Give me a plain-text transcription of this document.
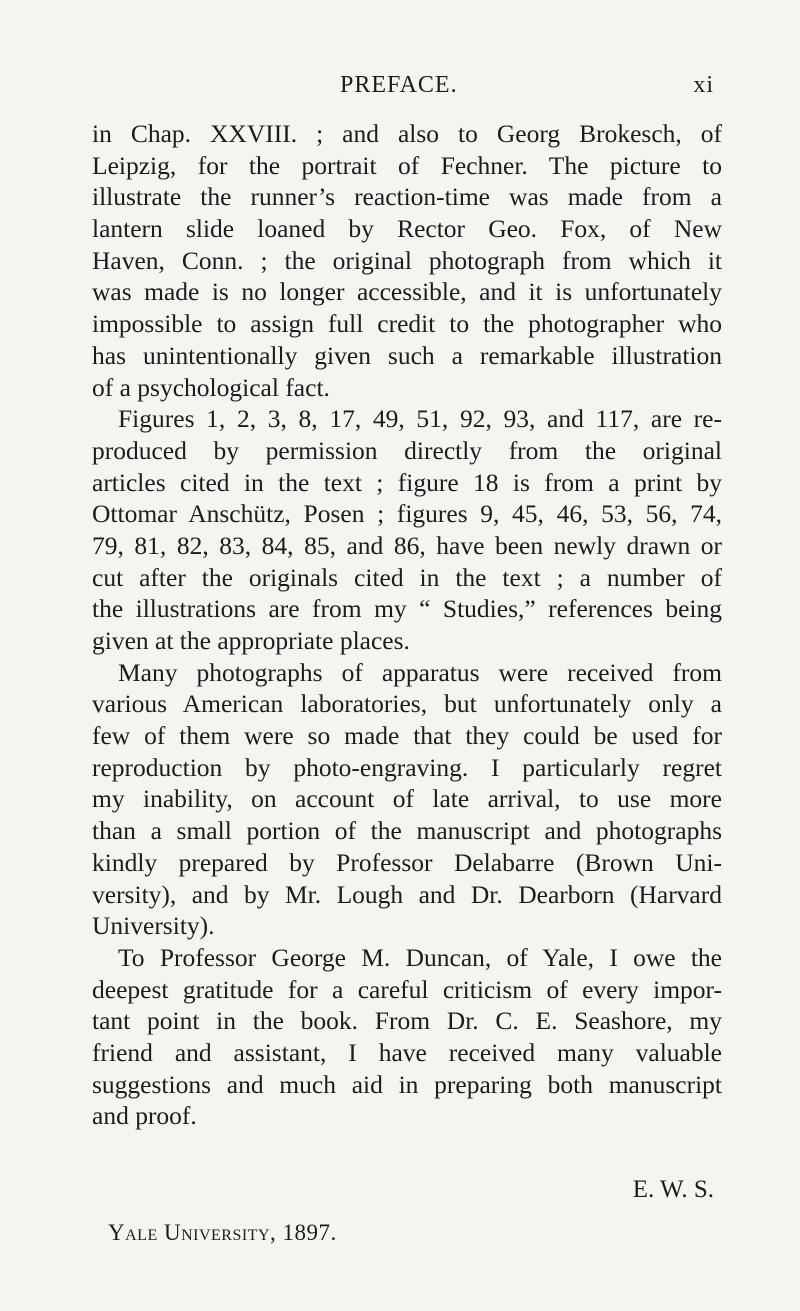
PREFACE.	xi
in Chap. XXVIII. ; and also to Georg Brokesch, of
Leipzig, for the portrait of Fechner. The picture to
illustrate the runner’s reaction-time was made from a
lantern slide loaned by Rector Geo. Fox, of New
Haven, Conn. ; the original photograph from which it
was made is no longer accessible, and it is unfortunately
impossible to assign full credit to the photographer who
has unintentionally given such a remarkable illustration
of a psychological fact.
Figures 1, 2, 3, 8, 17, 49, 51, 92, 93, and 117, are re-
produced by permission directly from the original
articles cited in the text ; figure 18 is from a print by
Ottomar Anschütz, Posen ; figures 9, 45, 46, 53, 56, 74,
79, 81, 82, 83, 84, 85, and 86, have been newly drawn or
cut after the originals cited in the text ; a number of
the illustrations are from my “ Studies,” references being
given at the appropriate places.
Many photographs of apparatus were received from
various American laboratories, but unfortunately only a
few of them were so made that they could be used for
reproduction by photo-engraving. I particularly regret
my inability, on account of late arrival, to use more
than a small portion of the manuscript and photographs
kindly prepared by Professor Delabarre (Brown Uni-
versity), and by Mr. Lough and Dr. Dearborn (Harvard
University).
To Professor George M. Duncan, of Yale, I owe the
deepest gratitude for a careful criticism of every impor-
tant point in the book. From Dr. C. E. Seashore, my
friend and assistant, I have received many valuable
suggestions and much aid in preparing both manuscript
and proof.
E. W. S.
Yale University, 1897.
